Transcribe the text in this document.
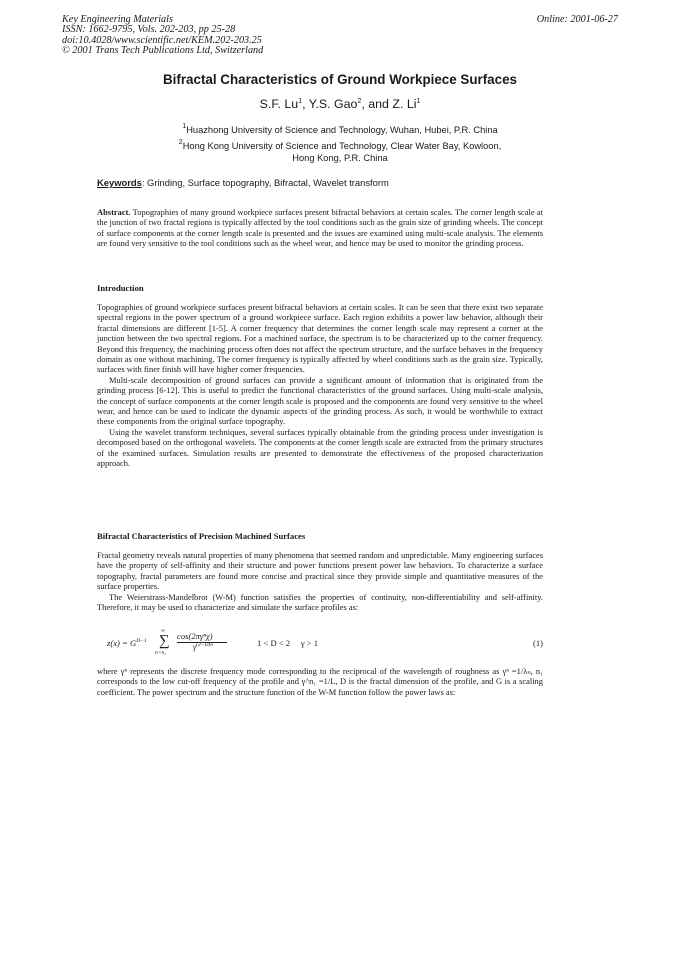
Key Engineering Materials
ISSN: 1662-9795, Vols. 202-203, pp 25-28
doi:10.4028/www.scientific.net/KEM.202-203.25
© 2001 Trans Tech Publications Ltd, Switzerland
Online: 2001-06-27
Bifractal Characteristics of Ground Workpiece Surfaces
S.F. Lu$^1$, Y.S. Gao$^2$, and Z. Li$^1$
$^1$Huazhong University of Science and Technology, Wuhan, Hubei, P.R. China
$^2$Hong Kong University of Science and Technology, Clear Water Bay, Kowloon,
Hong Kong, P.R. China
Keywords: Grinding, Surface topography, Bifractal, Wavelet transform

Abstract. Topographies of many ground workpiece surfaces present bifractal behaviors at certain scales. The corner length scale at the junction of two fractal regions is typically affected by the tool conditions such as the grain size of grinding wheels. The concept of surface components at the corner length scale is presented and the issues are examined using multi-scale analysis. The elements are found very sensitive to the tool conditions such as the wheel wear, and hence may be used to monitor the grinding process.

Introduction

Topographies of ground workpiece surfaces present bifractal behaviors at certain scales. It can be seen that there exist two separate spectral regions in the power spectrum of a ground workpiece surface. Each region exhibits a power law behavior, although their fractal dimensions are different [1-5]. A corner frequency that determines the corner length scale may represent a corner at the junction between the two spectral regions. For a machined surface, the spectrum is to be characterized up to the corner frequency. Beyond this frequency, the machining process often does not affect the spectrum structure, and the surface behaves in the frequency domain as one without machining. The corner frequency is typically affected by wheel conditions such as the grain size. Typically, surfaces with finer finish will have higher corner frequencies.

Multi-scale decomposition of ground surfaces can provide a significant amount of information that is originated from the grinding process [6-12]. This is useful to predict the functional characteristics of the ground surfaces. Using multi-scale analysis, the concept of surface components at the corner length scale is proposed and the components are found very sensitive to the wheel wear, and hence can be used to indicate the dynamic aspects of the grinding process. As such, it would be worthwhile to extract these components from the original surface topography.

Using the wavelet transform techniques, several surfaces typically obtainable from the grinding process under investigation is decomposed based on the orthogonal wavelets. The components at the corner length scale are extracted from the primary structures of the examined surfaces. Simulation results are presented to demonstrate the effectiveness of the proposed characterization approach.

Bifractal Characteristics of Precision Machined Surfaces

Fractal geometry reveals natural properties of many phenomena that seemed random and unpredictable. Many engineering surfaces have the property of self-affinity and their structure and power functions present power law behaviors. To characterize a surface topography, fractal parameters are found more concise and practical since they provide simple and quantitative measures of the surface properties.

The Weierstrass-Mandelbrot (W-M) function satisfies the properties of continuity, non-differentiability and self-affinity. Therefore, it may be used to characterize and simulate the surface profiles as:

$z(x) = G^{D-1}$
∞
∑
n=n₁
cos(2πγⁿχ)
$\gamma^{(2-D)n}$	1 < D < 2     γ > 1	(1)

where γⁿ represents the discrete frequency mode corresponding to the reciprocal of the wavelength of roughness as γⁿ =1/λₙ, n₁ corresponds to the low cut-off frequency of the profile and γ^n₁ =1/L, D is the fractal dimension of the profile, and G is a scaling coefficient. The power spectrum and the structure function of the W-M function follow the power laws as:
